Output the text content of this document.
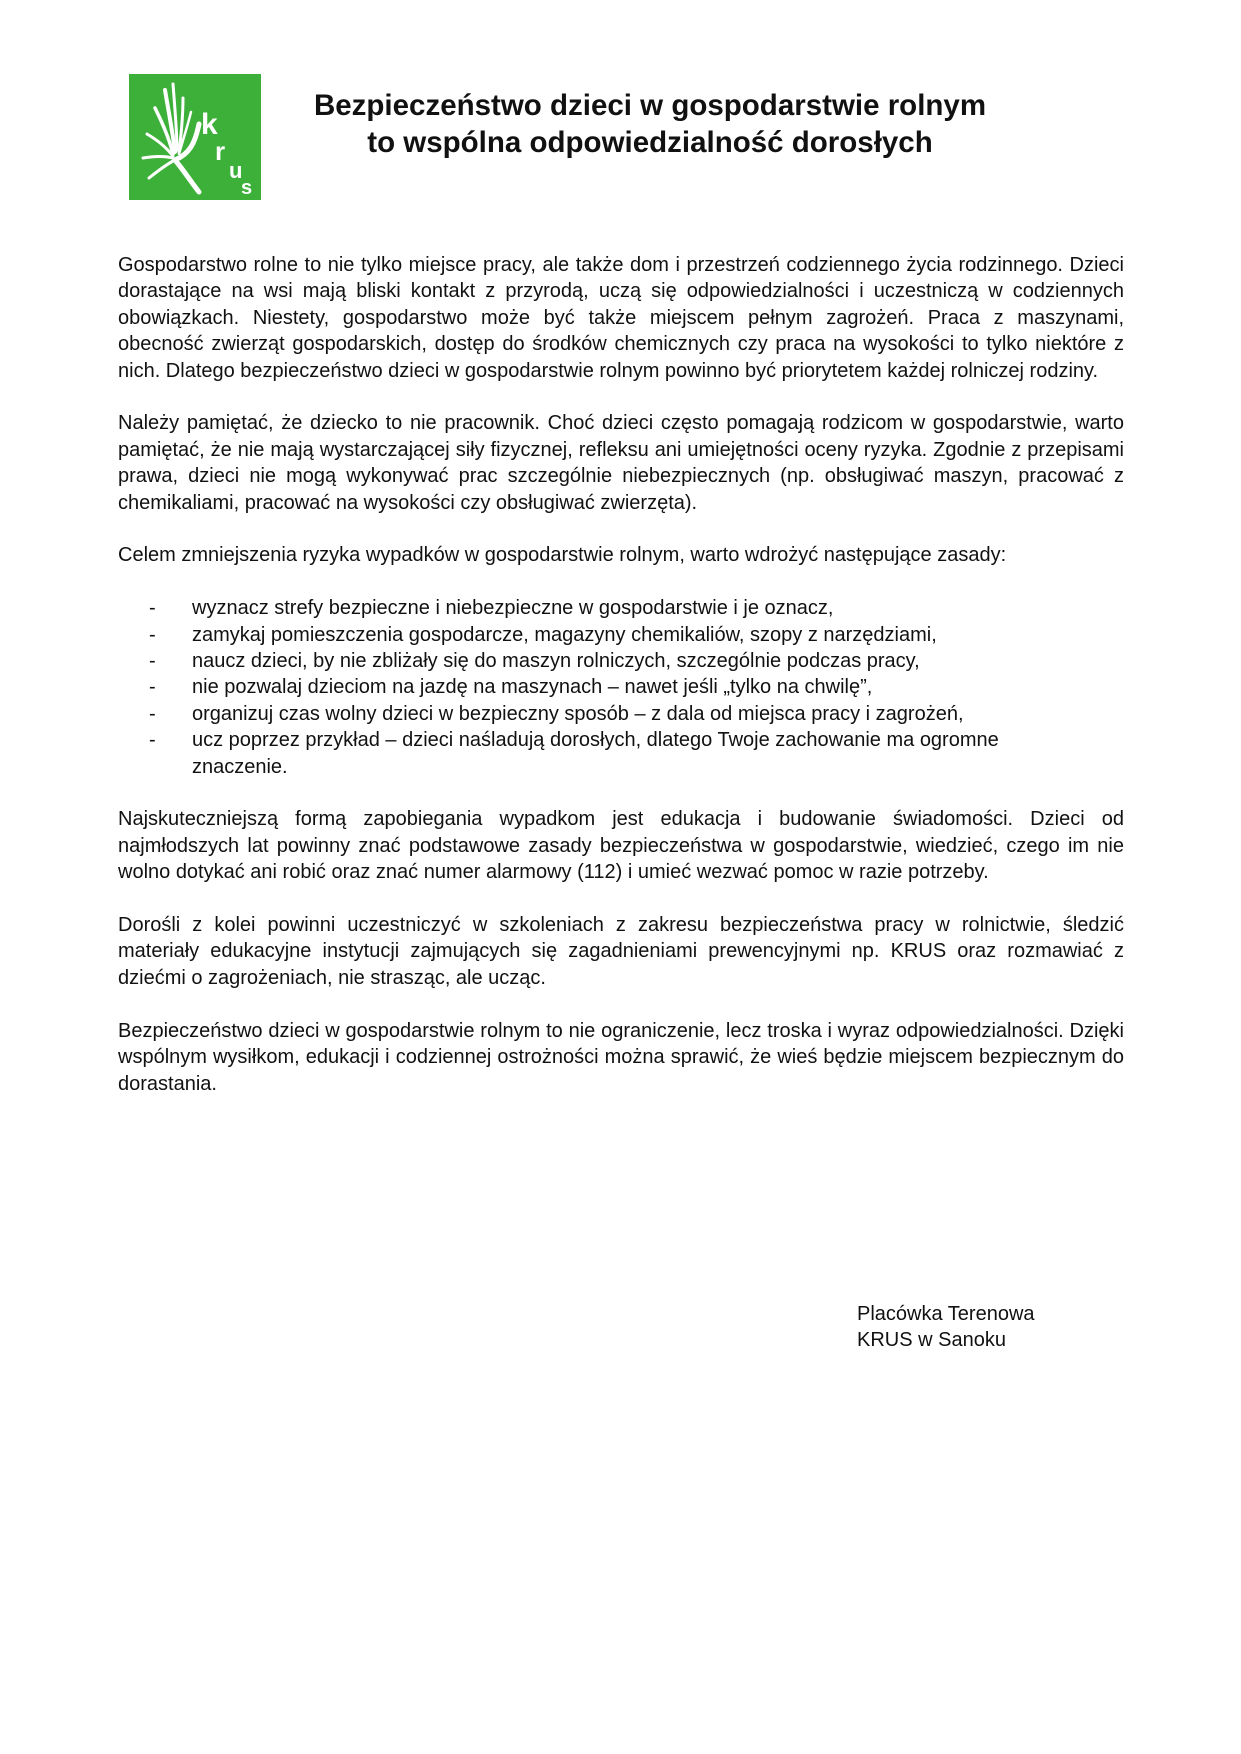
k
r
u
s
Bezpieczeństwo dzieci w gospodarstwie rolnym
to wspólna odpowiedzialność dorosłych

Gospodarstwo rolne to nie tylko miejsce pracy, ale także dom i przestrzeń codziennego życia rodzinnego. Dzieci dorastające na wsi mają bliski kontakt z przyrodą, uczą się odpowiedzialności i uczestniczą w codziennych obowiązkach. Niestety, gospodarstwo może być także miejscem pełnym zagrożeń. Praca z maszynami, obecność zwierząt gospodarskich, dostęp do środków chemicznych czy praca na wysokości to tylko niektóre z nich. Dlatego bezpieczeństwo dzieci w gospodarstwie rolnym powinno być priorytetem każdej rolniczej rodziny.

Należy pamiętać, że dziecko to nie pracownik. Choć dzieci często pomagają rodzicom w gospodarstwie, warto pamiętać, że nie mają wystarczającej siły fizycznej, refleksu ani umiejętności oceny ryzyka. Zgodnie z przepisami prawa, dzieci nie mogą wykonywać prac szczególnie niebezpiecznych (np. obsługiwać maszyn, pracować z chemikaliami, pracować na wysokości czy obsługiwać zwierzęta).

Celem zmniejszenia ryzyka wypadków w gospodarstwie rolnym, warto wdrożyć następujące zasady:

- wyznacz strefy bezpieczne i niebezpieczne w gospodarstwie i je oznacz,
- zamykaj pomieszczenia gospodarcze, magazyny chemikaliów, szopy z narzędziami,
- naucz dzieci, by nie zbliżały się do maszyn rolniczych, szczególnie podczas pracy,
- nie pozwalaj dzieciom na jazdę na maszynach – nawet jeśli „tylko na chwilę”,
- organizuj czas wolny dzieci w bezpieczny sposób – z dala od miejsca pracy i zagrożeń,
- ucz poprzez przykład – dzieci naśladują dorosłych, dlatego Twoje zachowanie ma ogromne znaczenie.

Najskuteczniejszą formą zapobiegania wypadkom jest edukacja i budowanie świadomości. Dzieci od najmłodszych lat powinny znać podstawowe zasady bezpieczeństwa w gospodarstwie, wiedzieć, czego im nie wolno dotykać ani robić oraz znać numer alarmowy (112) i umieć wezwać pomoc w razie potrzeby.

Dorośli z kolei powinni uczestniczyć w szkoleniach z zakresu bezpieczeństwa pracy w rolnictwie, śledzić materiały edukacyjne instytucji zajmujących się zagadnieniami prewencyjnymi np. KRUS oraz rozmawiać z dziećmi o zagrożeniach, nie strasząc, ale ucząc.

Bezpieczeństwo dzieci w gospodarstwie rolnym to nie ograniczenie, lecz troska i wyraz odpowiedzialności. Dzięki wspólnym wysiłkom, edukacji i codziennej ostrożności można sprawić, że wieś będzie miejscem bezpiecznym do dorastania.

Placówka Terenowa
KRUS w Sanoku
